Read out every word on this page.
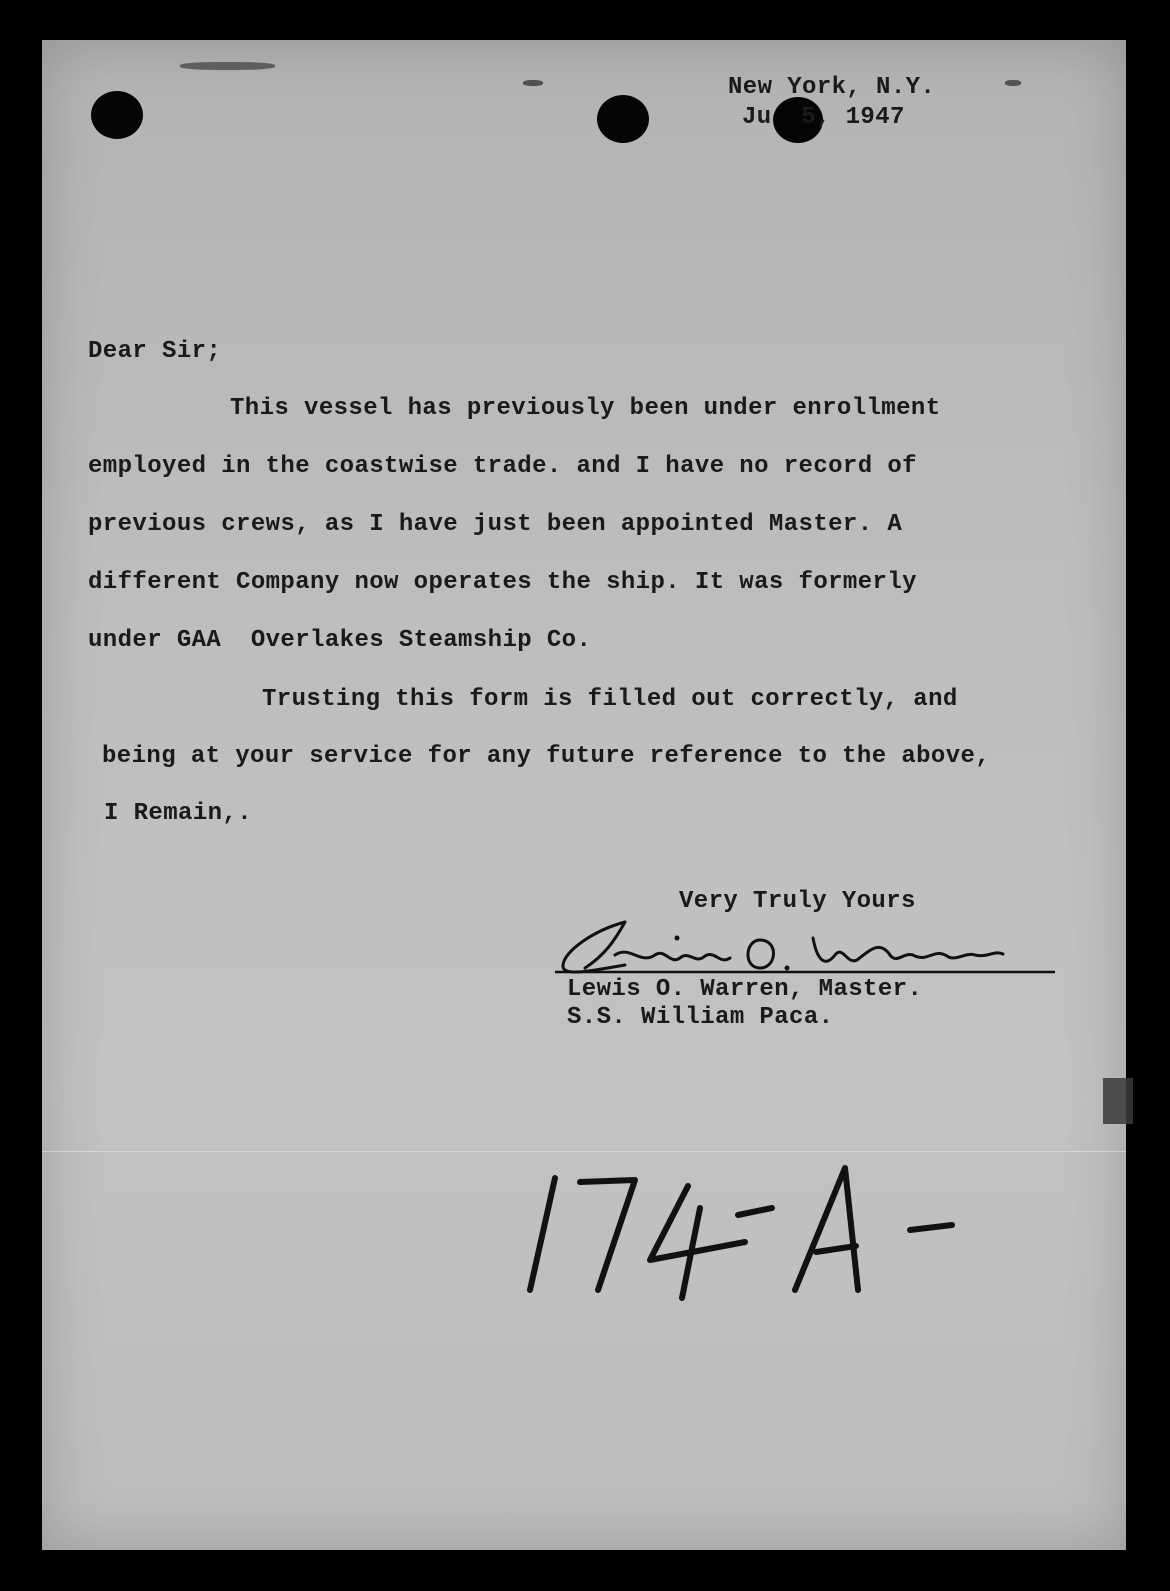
New York, N.Y.
Ju  5, 1947
Dear Sir;
This vessel has previously been under enrollment
employed in the coastwise trade. and I have no record of
previous crews, as I have just been appointed Master. A
different Company now operates the ship. It was formerly
under GAA  Overlakes Steamship Co.
Trusting this form is filled out correctly, and
being at your service for any future reference to the above,
I Remain,.
Very Truly Yours
Lewis O. Warren, Master.
S.S. William Paca.
